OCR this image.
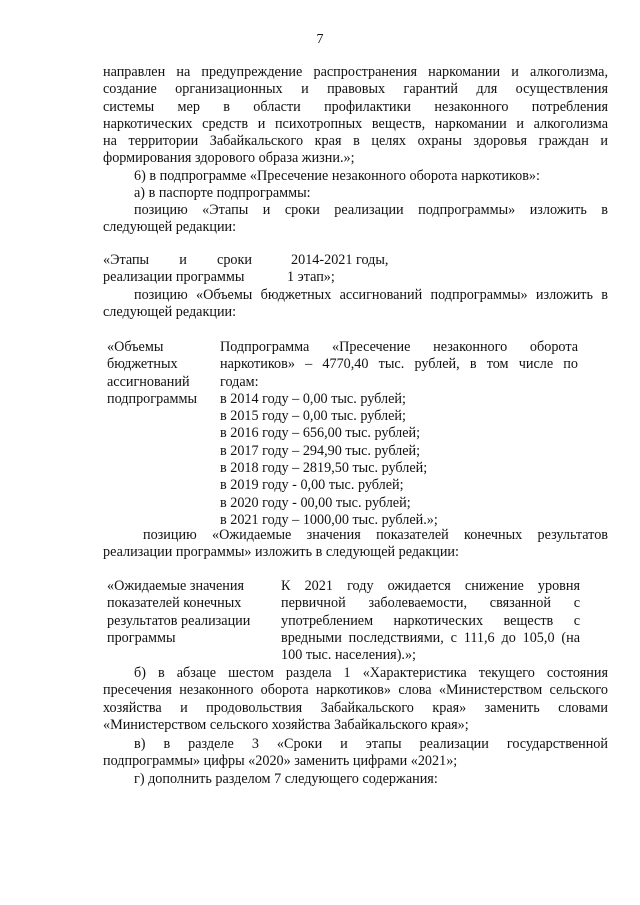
7
направлен на предупреждение распространения наркомании и алкоголизма,
создание организационных и правовых гарантий для осуществления
системы мер в области профилактики незаконного потребления
наркотических средств и психотропных веществ, наркомании и алкоголизма
на территории Забайкальского края в целях охраны здоровья граждан и
формирования здорового образа жизни.»;
6) в подпрограмме «Пресечение незаконного оборота наркотиков»:
а) в паспорте подпрограммы:
позицию «Этапы и сроки реализации подпрограммы» изложить в
следующей редакции:
«Этапы и сроки
реализации программы
2014-2021 годы,
1 этап»;
позицию «Объемы бюджетных ассигнований подпрограммы» изложить в
следующей редакции:
«Объемы
бюджетных
ассигнований
подпрограммы
Подпрограмма «Пресечение незаконного оборота
наркотиков» – 4770,40 тыс. рублей, в том числе по
годам:
в 2014 году – 0,00 тыс. рублей;
в 2015 году – 0,00 тыс. рублей;
в 2016 году – 656,00 тыс. рублей;
в 2017 году – 294,90 тыс. рублей;
в 2018 году – 2819,50 тыс. рублей;
в 2019 году - 0,00 тыс. рублей;
в 2020 году - 00,00 тыс. рублей;
в 2021 году – 1000,00 тыс. рублей.»;
позицию «Ожидаемые значения показателей конечных результатов
реализации программы» изложить в следующей редакции:
«Ожидаемые значения
показателей конечных
результатов реализации
программы
К 2021 году ожидается снижение уровня
первичной заболеваемости, связанной с
употреблением наркотических веществ с
вредными последствиями, с 111,6 до 105,0 (на
100 тыс. населения).»;
б) в абзаце шестом раздела 1 «Характеристика текущего состояния
пресечения незаконного оборота наркотиков» слова «Министерством сельского
хозяйства и продовольствия Забайкальского края» заменить словами
«Министерством сельского хозяйства Забайкальского края»;
в) в разделе 3 «Сроки и этапы реализации государственной
подпрограммы» цифры «2020» заменить цифрами «2021»;
г) дополнить разделом 7 следующего содержания:
